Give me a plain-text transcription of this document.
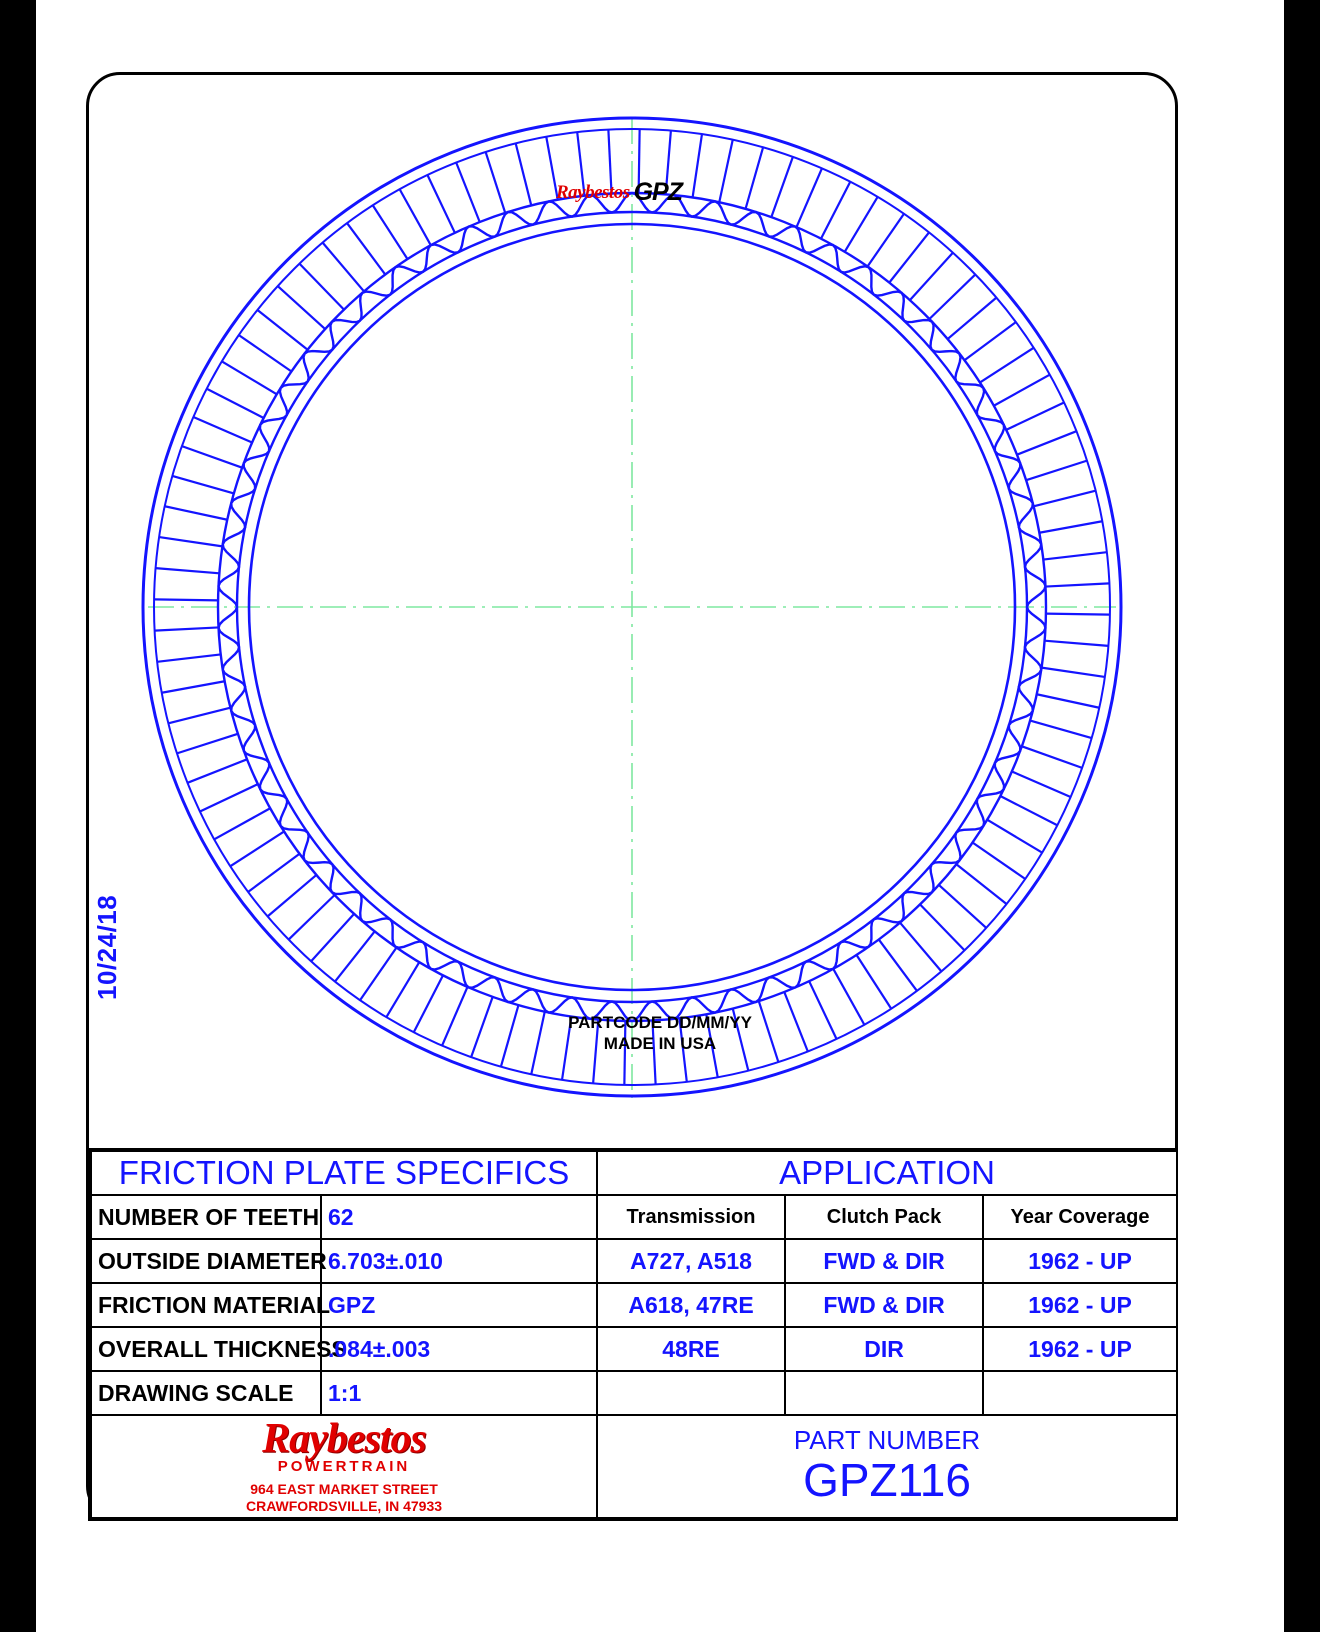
10/24/18
Raybestos GPZ
PARTCODE DD/MM/YY
MADE IN USA
FRICTION PLATE SPECIFICS		APPLICATION		
NUMBER OF TEETH	62	Transmission	Clutch Pack	Year Coverage
OUTSIDE DIAMETER	6.703±.010	A727, A518	FWD & DIR	1962 - UP
FRICTION MATERIAL	GPZ	A618, 47RE	FWD & DIR	1962 - UP
OVERALL THICKNESS	.084±.003	48RE	DIR	1962 - UP
DRAWING SCALE	1:1			

Raybestos
POWERTRAIN
964 EAST MARKET STREET
CRAWFORDSVILLE, IN 47933

PART NUMBER
GPZ116
